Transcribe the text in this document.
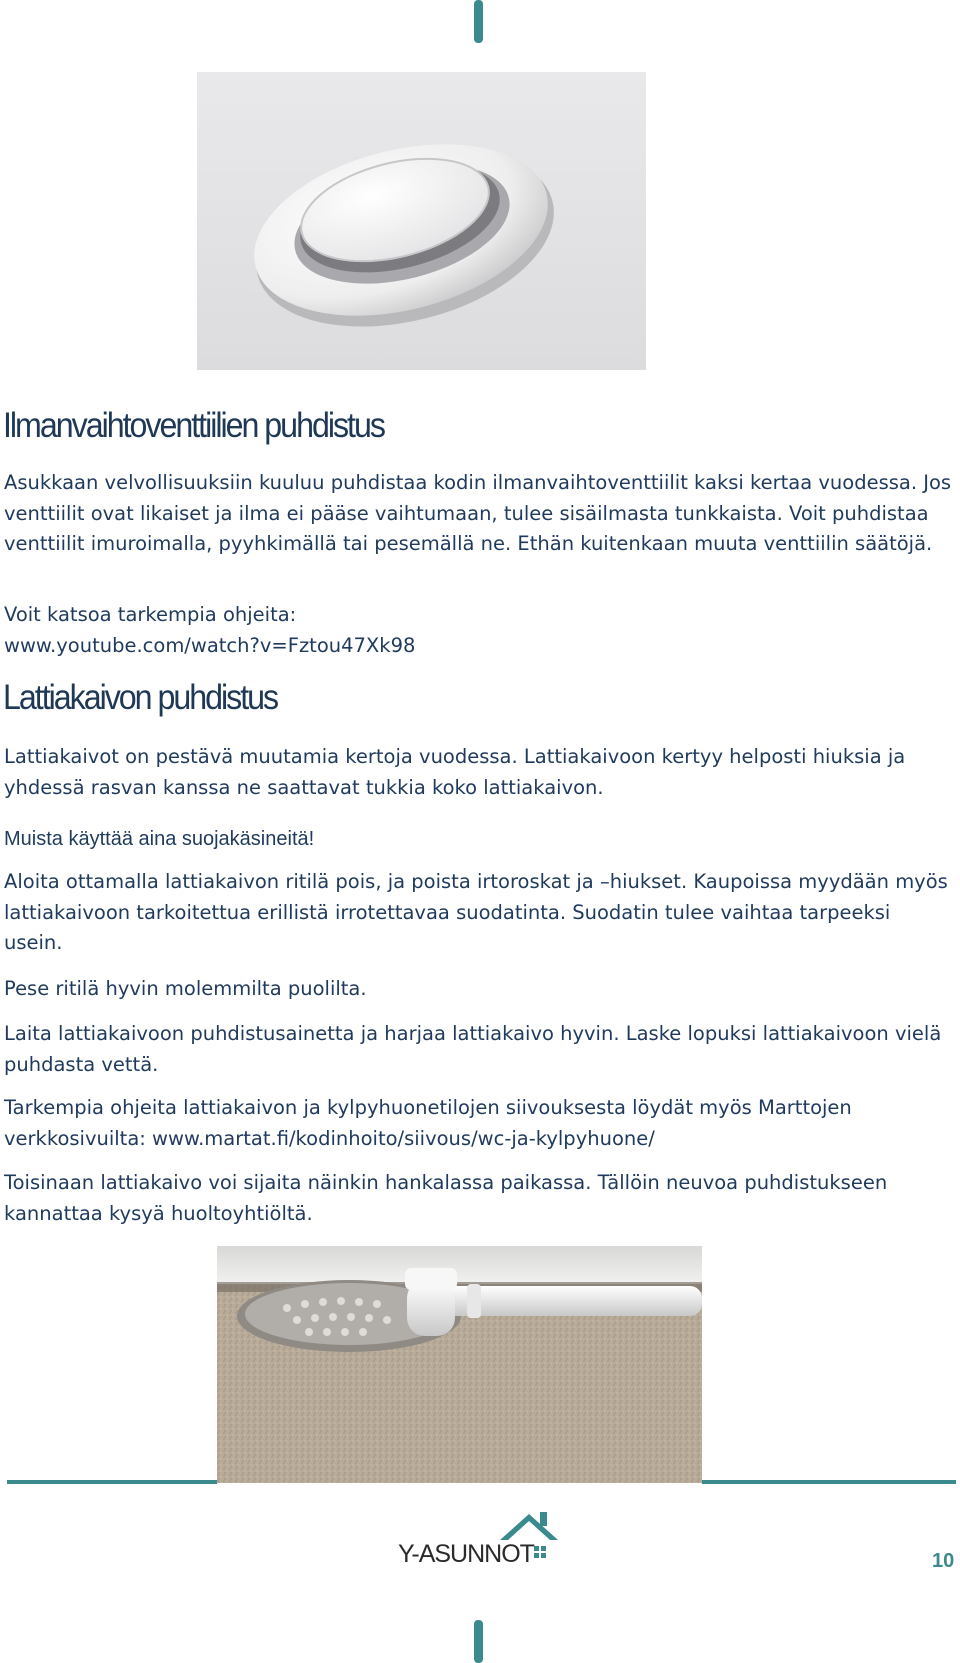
Ilmanvaihtoventtiilien puhdistus

Asukkaan velvollisuuksiin kuuluu puhdistaa kodin ilmanvaihtoventtiilit kaksi kertaa vuodessa. Jos venttiilit ovat likaiset ja ilma ei pääse vaihtumaan, tulee sisäilmasta tunkkaista. Voit puhdistaa venttiilit imuroimalla, pyyhkimällä tai pesemällä ne. Ethän kuitenkaan muuta venttiilin säätöjä.

Voit katsoa tarkempia ohjeita:
www.youtube.com/watch?v=Fztou47Xk98
Lattiakaivon puhdistus

Lattiakaivot on pestävä muutamia kertoja vuodessa. Lattiakaivoon kertyy helposti hiuksia ja yhdessä rasvan kanssa ne saattavat tukkia koko lattiakaivon.

Muista käyttää aina suojakäsineitä!

Aloita ottamalla lattiakaivon ritilä pois, ja poista irtoroskat ja –hiukset. Kaupoissa myydään myös lattiakaivoon tarkoitettua erillistä irrotettavaa suodatinta. Suodatin tulee vaihtaa tarpeeksi usein.

Pese ritilä hyvin molemmilta puolilta.

Laita lattiakaivoon puhdistusainetta ja harjaa lattiakaivo hyvin. Laske lopuksi lattiakaivoon vielä puhdasta vettä.

Tarkempia ohjeita lattiakaivon ja kylpyhuonetilojen siivouksesta löydät myös Marttojen verkkosivuilta: www.martat.fi/kodinhoito/siivous/wc-ja-kylpyhuone/

Toisinaan lattiakaivo voi sijaita näinkin hankalassa paikassa. Tällöin neuvoa puhdistukseen kannattaa kysyä huoltoyhtiöltä.

Y-ASUNNOT	10
